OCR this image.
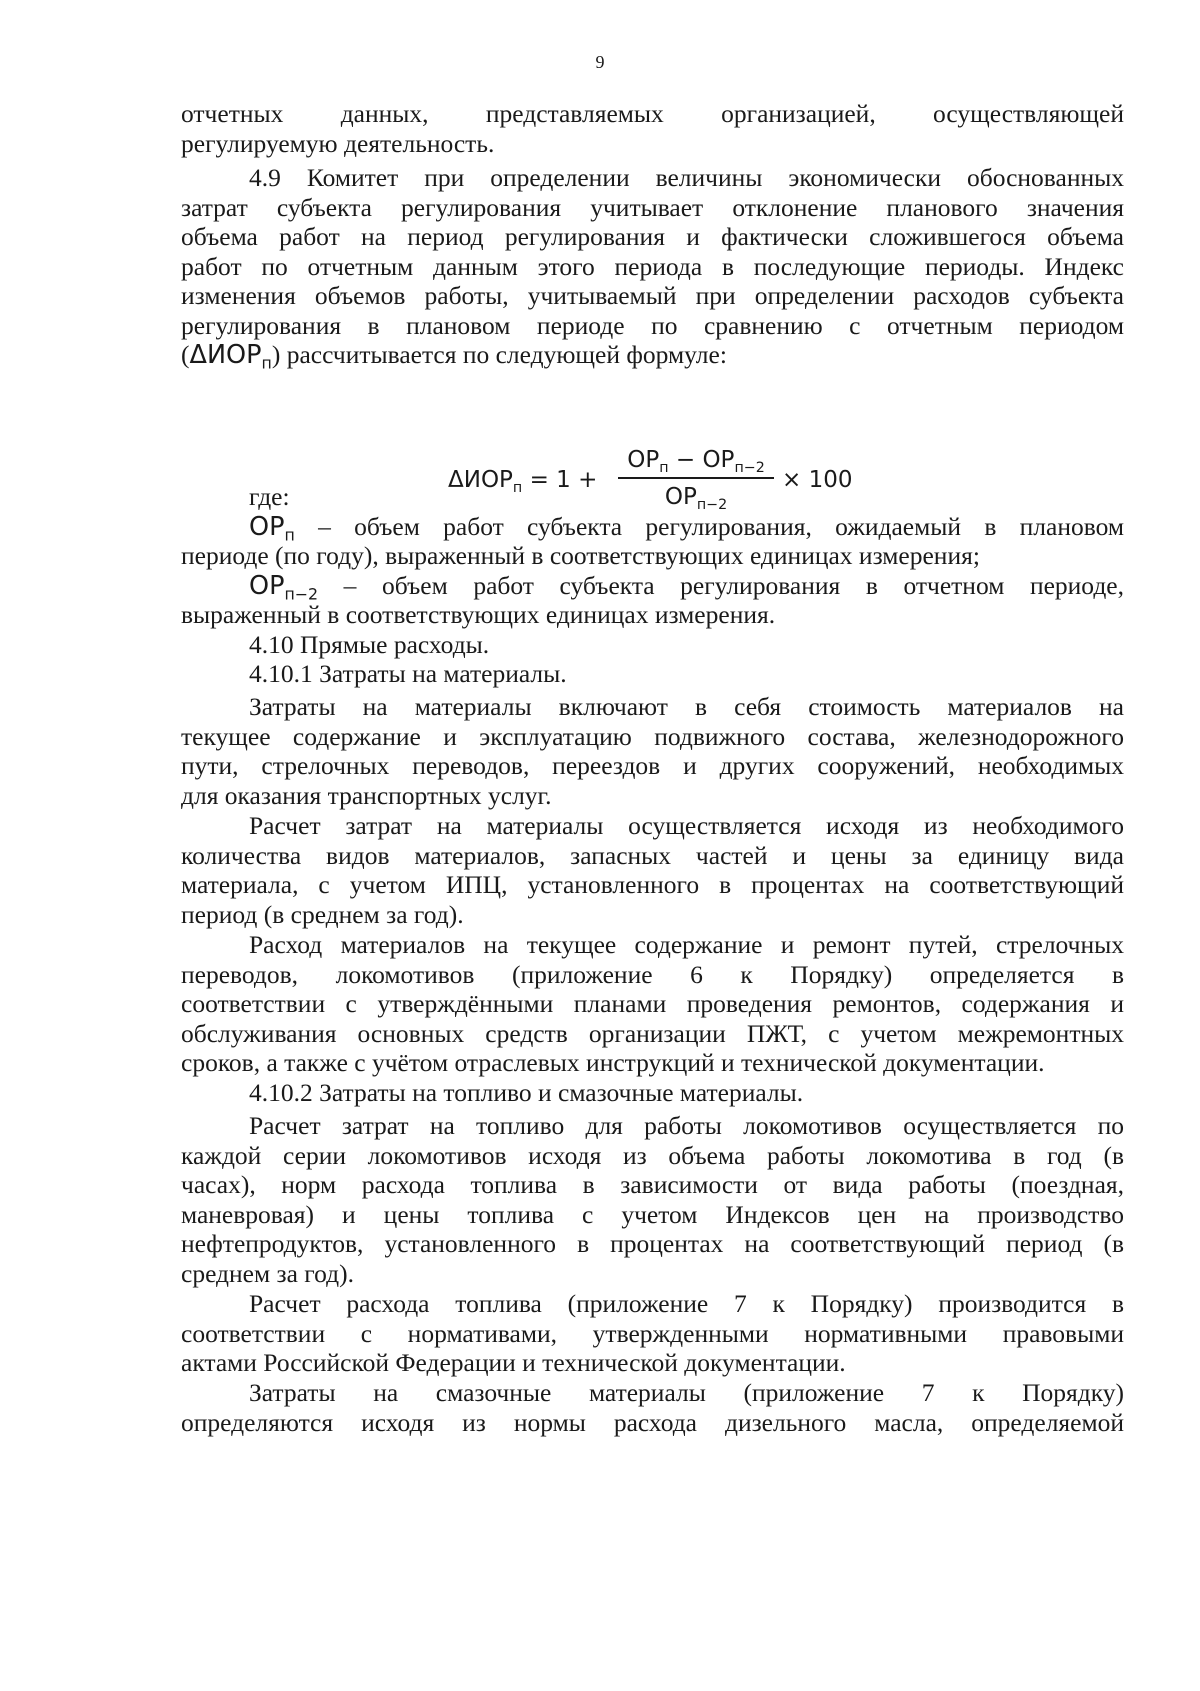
9
отчетных данных, представляемых организацией, осуществляющей
регулируемую деятельность.
4.9 Комитет при определении величины экономически обоснованных
затрат субъекта регулирования учитывает отклонение планового значения
объема работ на период регулирования и фактически сложившегося объема
работ по отчетным данным этого периода в последующие периоды. Индекс
изменения объемов работы, учитываемый при определении расходов субъекта
регулирования в плановом периоде по сравнению с отчетным периодом
$(\Delta ИОР_п)$ рассчитывается по следующей формуле:
$\Delta ИОР_п = 1$ +
$ОР_п - ОР_{п-2}$
$ОР_{п-2}$
× 100
где:
$ОР_п$ – объем работ субъекта регулирования, ожидаемый в плановом
периоде (по году), выраженный в соответствующих единицах измерения;
$ОР_{п-2}$ – объем работ субъекта регулирования в отчетном периоде,
выраженный в соответствующих единицах измерения.
4.10 Прямые расходы.
4.10.1 Затраты на материалы.
Затраты на материалы включают в себя стоимость материалов на
текущее содержание и эксплуатацию подвижного состава, железнодорожного
пути, стрелочных переводов, переездов и других сооружений, необходимых
для оказания транспортных услуг.
Расчет затрат на материалы осуществляется исходя из необходимого
количества видов материалов, запасных частей и цены за единицу вида
материала, с учетом ИПЦ, установленного в процентах на соответствующий
период (в среднем за год).
Расход материалов на текущее содержание и ремонт путей, стрелочных
переводов, локомотивов (приложение 6 к Порядку) определяется в
соответствии с утверждёнными планами проведения ремонтов, содержания и
обслуживания основных средств организации ПЖТ, с учетом межремонтных
сроков, а также с учётом отраслевых инструкций и технической документации.
4.10.2 Затраты на топливо и смазочные материалы.
Расчет затрат на топливо для работы локомотивов осуществляется по
каждой серии локомотивов исходя из объема работы локомотива в год (в
часах), норм расхода топлива в зависимости от вида работы (поездная,
маневровая) и цены топлива с учетом Индексов цен на производство
нефтепродуктов, установленного в процентах на соответствующий период (в
среднем за год).
Расчет расхода топлива (приложение 7 к Порядку) производится в
соответствии с нормативами, утвержденными нормативными правовыми
актами Российской Федерации и технической документации.
Затраты на смазочные материалы (приложение 7 к Порядку)
определяются исходя из нормы расхода дизельного масла, определяемой
